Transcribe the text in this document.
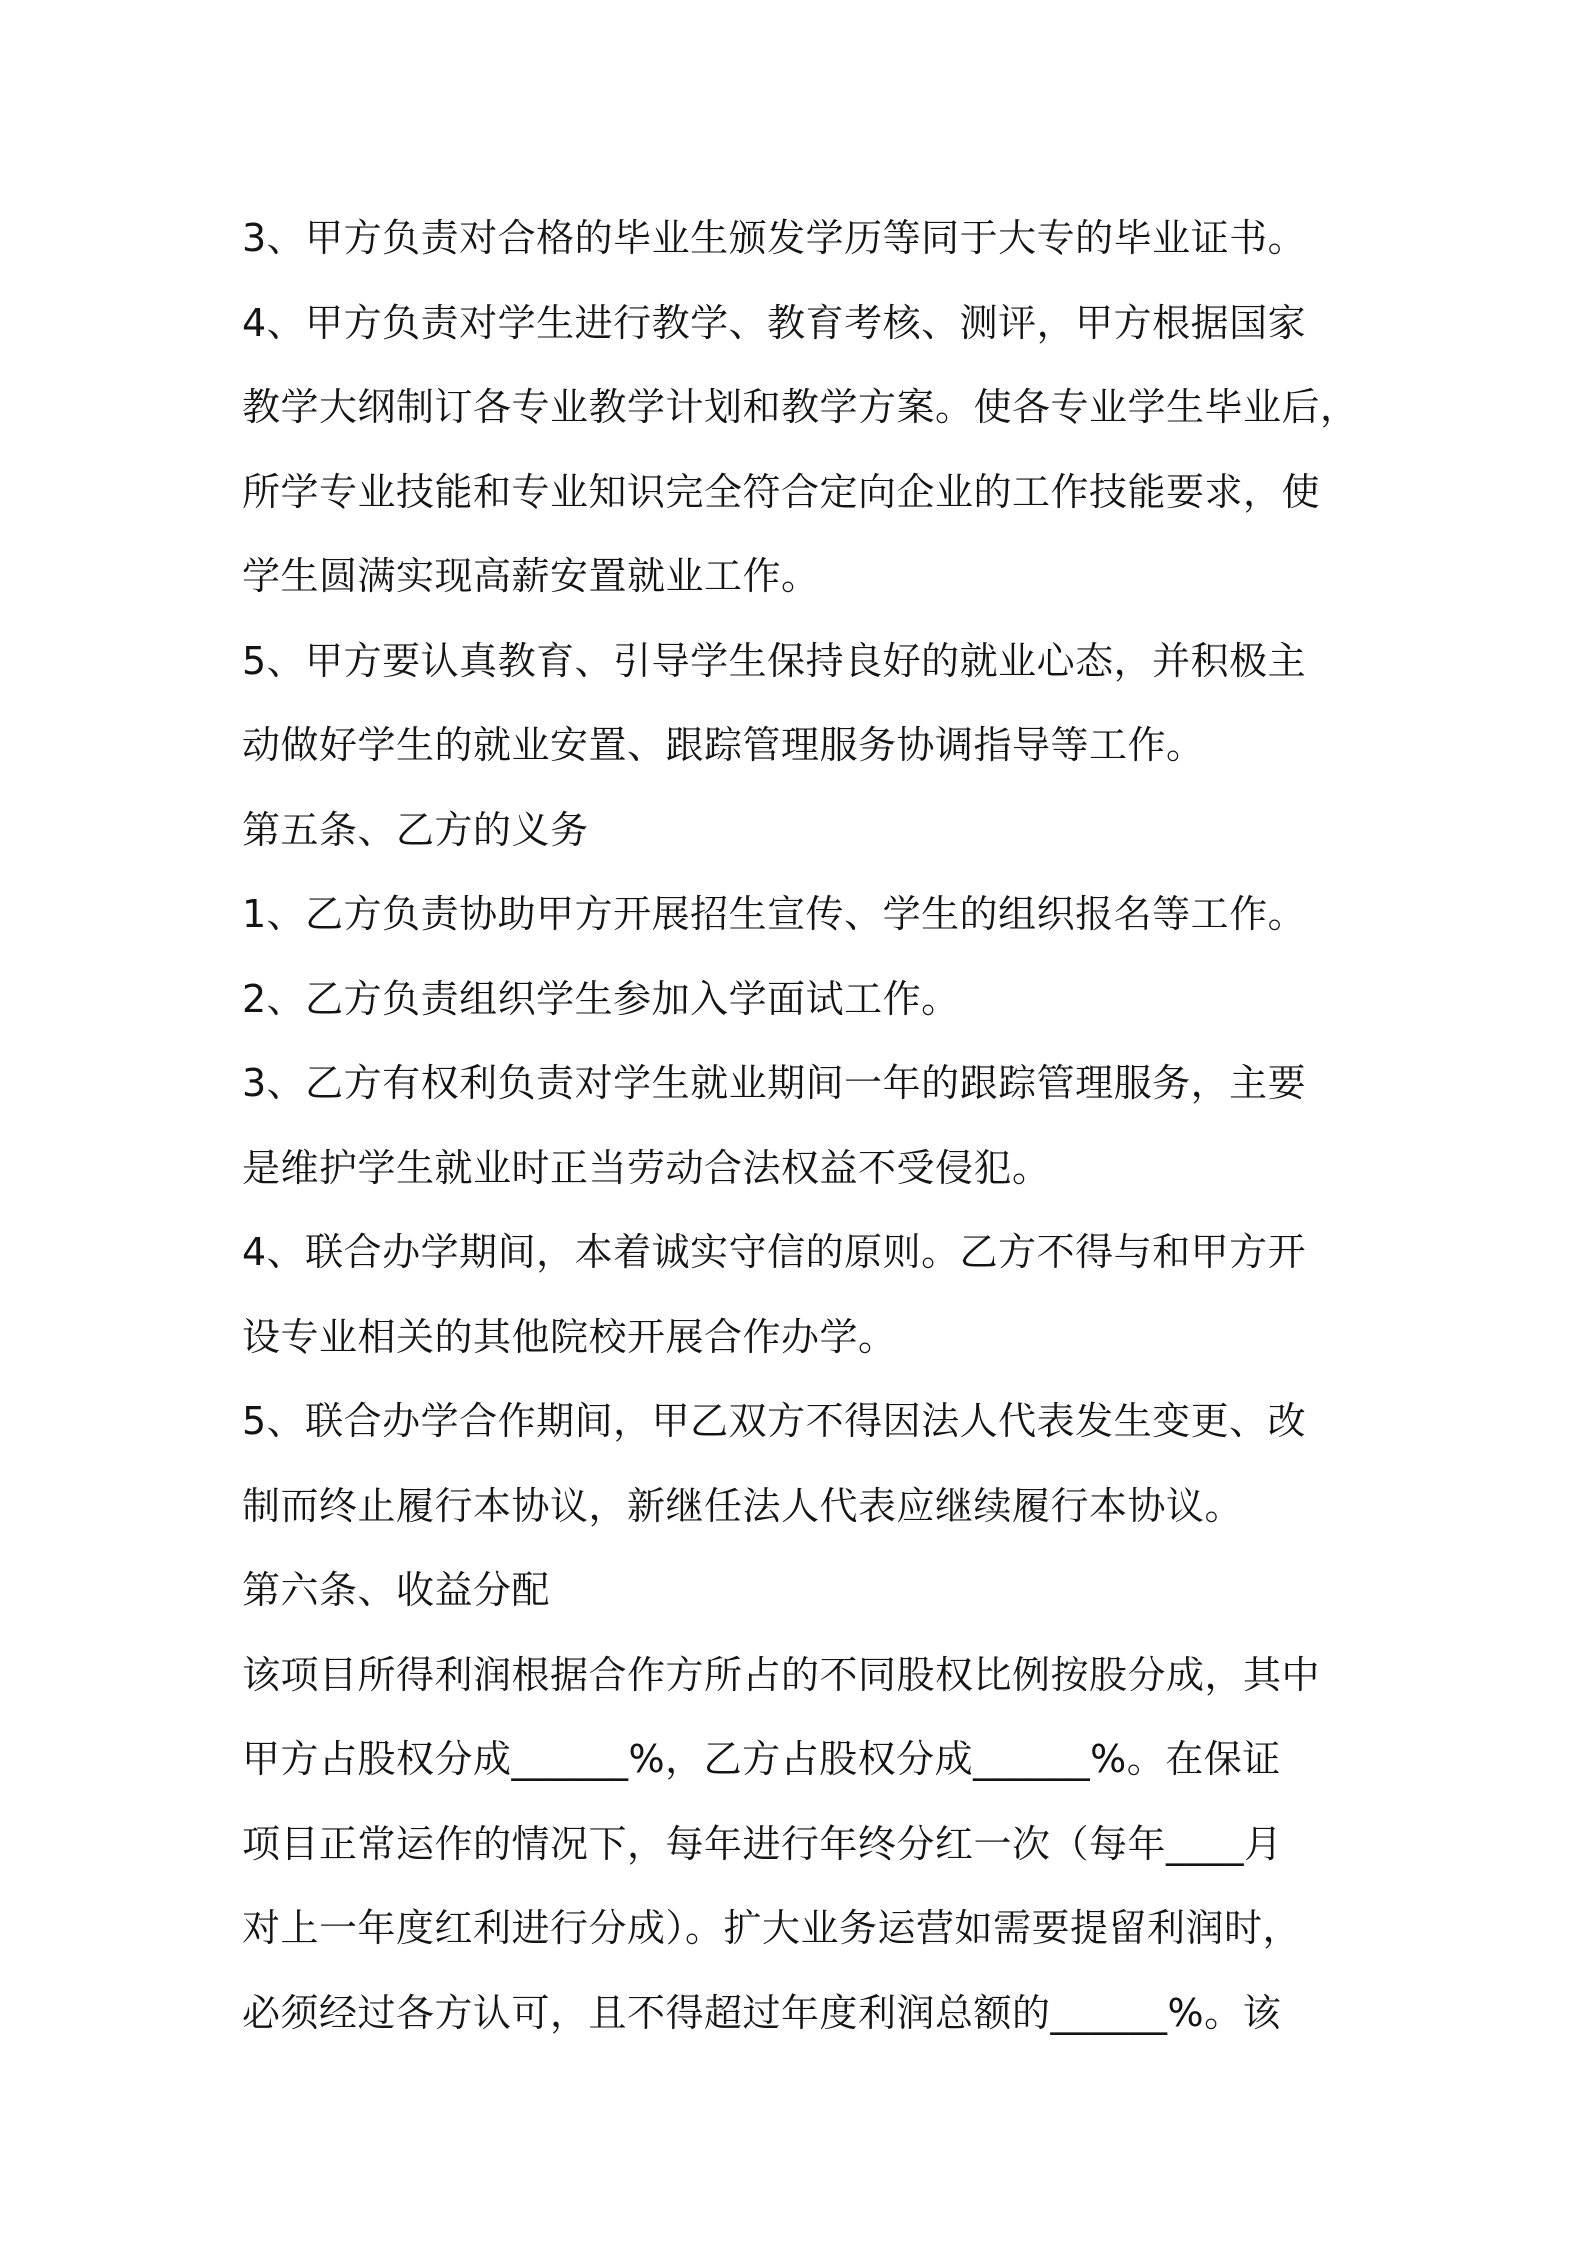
3、甲方负责对合格的毕业生颁发学历等同于大专的毕业证书。
4、甲方负责对学生进行教学、教育考核、测评，甲方根据国家
教学大纲制订各专业教学计划和教学方案。使各专业学生毕业后，
所学专业技能和专业知识完全符合定向企业的工作技能要求，使
学生圆满实现高薪安置就业工作。
5、甲方要认真教育、引导学生保持良好的就业心态，并积极主
动做好学生的就业安置、跟踪管理服务协调指导等工作。
第五条、乙方的义务
1、乙方负责协助甲方开展招生宣传、学生的组织报名等工作。
2、乙方负责组织学生参加入学面试工作。
3、乙方有权利负责对学生就业期间一年的跟踪管理服务，主要
是维护学生就业时正当劳动合法权益不受侵犯。
4、联合办学期间，本着诚实守信的原则。乙方不得与和甲方开
设专业相关的其他院校开展合作办学。
5、联合办学合作期间，甲乙双方不得因法人代表发生变更、改
制而终止履行本协议，新继任法人代表应继续履行本协议。
第六条、收益分配
该项目所得利润根据合作方所占的不同股权比例按股分成，其中
甲方占股权分成______%，乙方占股权分成______%。在保证
项目正常运作的情况下，每年进行年终分红一次（每年____月
对上一年度红利进行分成）。扩大业务运营如需要提留利润时，
必须经过各方认可，且不得超过年度利润总额的______%。该
